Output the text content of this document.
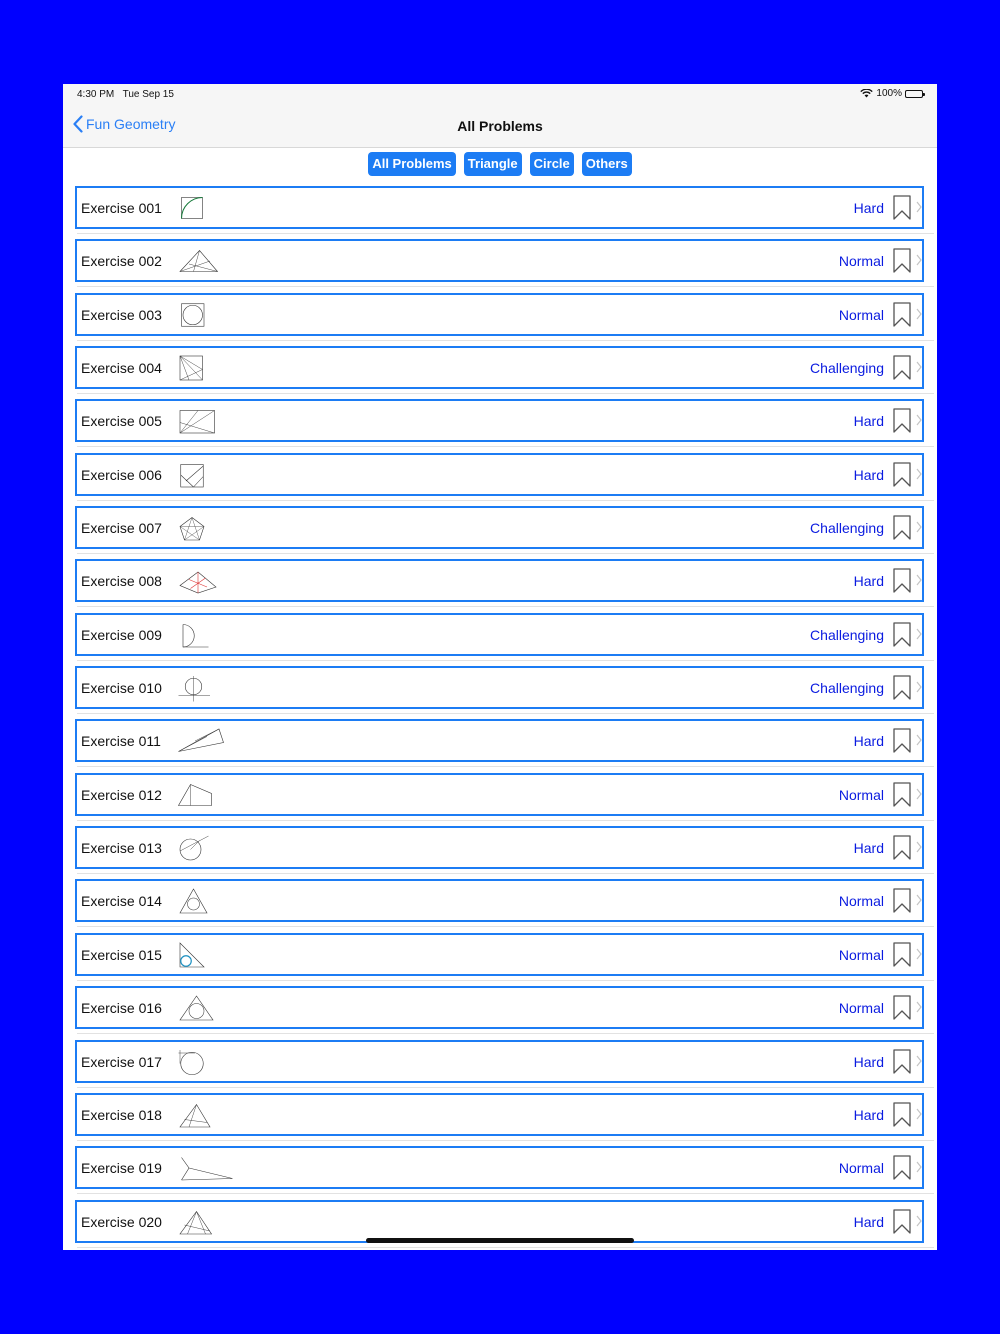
4:30 PM Tue Sep 15	100%
Fun Geometry	All Problems
All Problems	Triangle	Circle	Others
Exercise 001	Hard
Exercise 002	Normal
Exercise 003	Normal
Exercise 004	Challenging
Exercise 005	Hard
Exercise 006	Hard
Exercise 007	Challenging
Exercise 008	Hard
Exercise 009	Challenging
Exercise 010	Challenging
Exercise 011	Hard
Exercise 012	Normal
Exercise 013	Hard
Exercise 014	Normal
Exercise 015	Normal
Exercise 016	Normal
Exercise 017	Hard
Exercise 018	Hard
Exercise 019	Normal
Exercise 020	Hard
